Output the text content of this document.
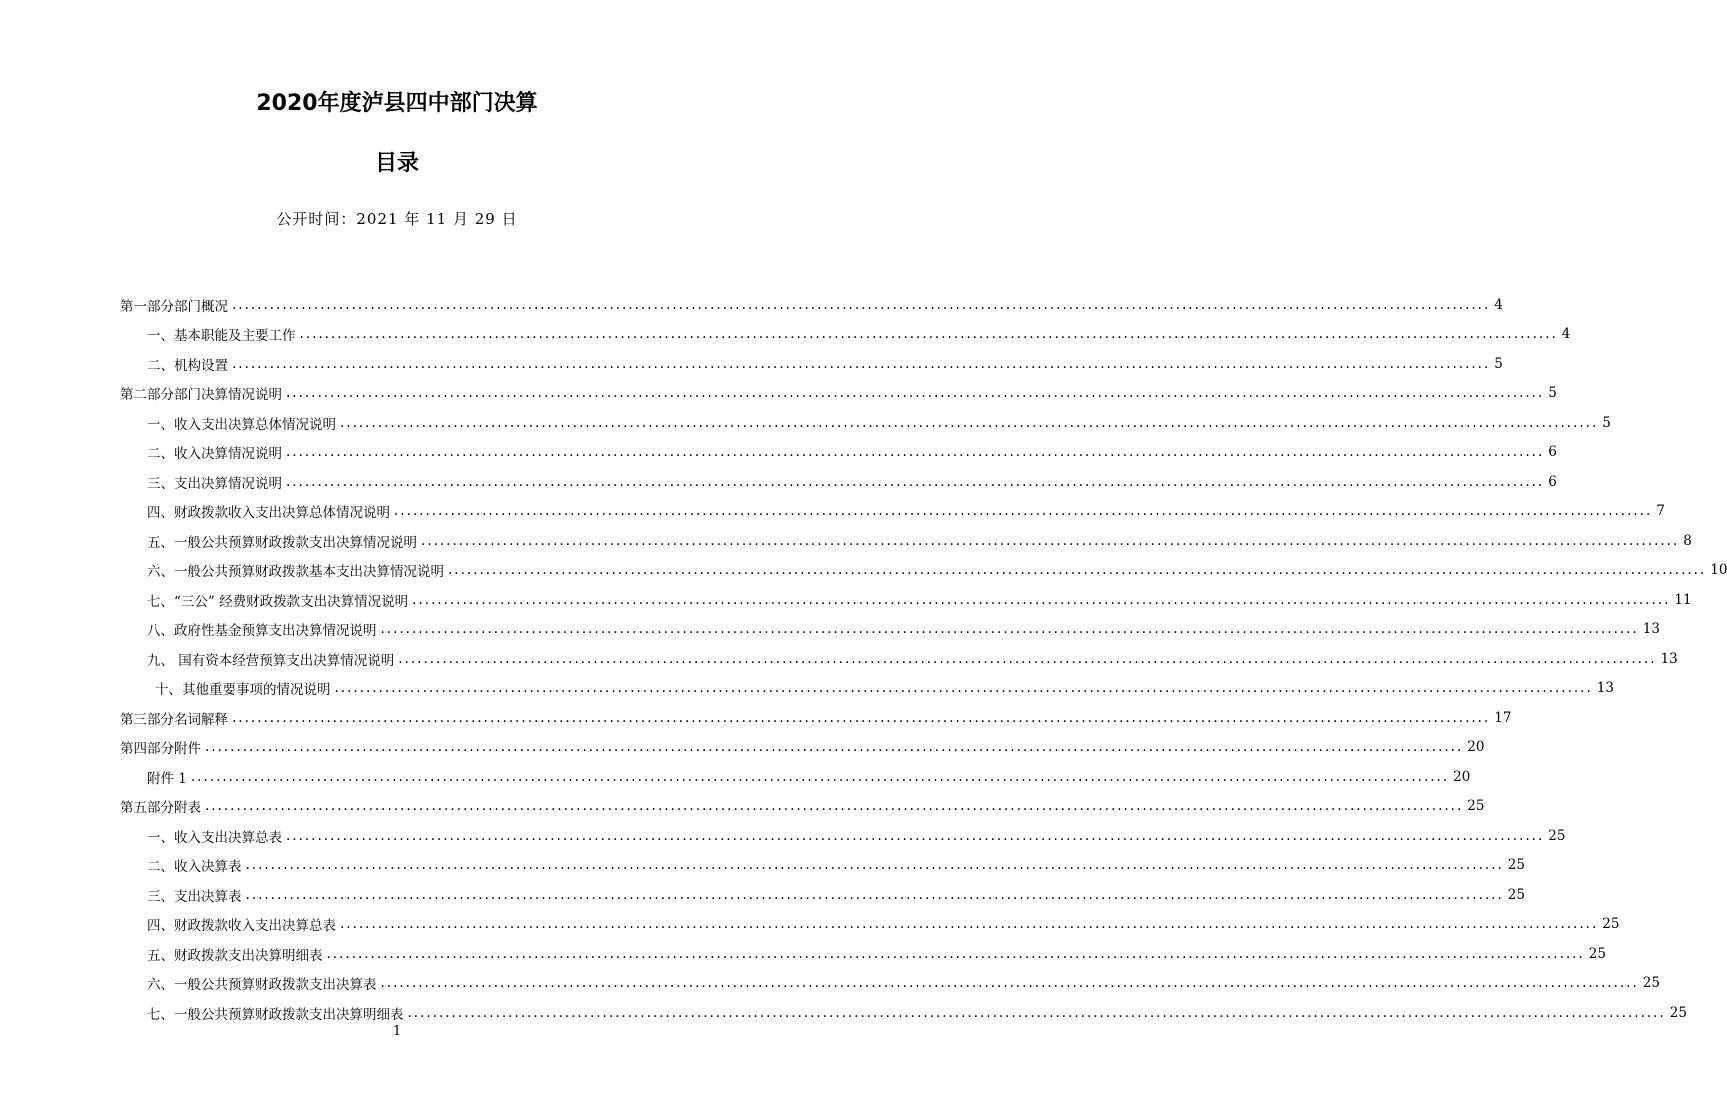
2020年度泸县四中部门决算
目录
公开时间：2021 年 11 月 29 日
第一部分部门概况 ........................................................................................................................................................................................................ 4
一、基本职能及主要工作 ........................................................................................................................................................................................................ 4
二、机构设置 ........................................................................................................................................................................................................ 5
第二部分部门决算情况说明 ........................................................................................................................................................................................................ 5
一、收入支出决算总体情况说明 ........................................................................................................................................................................................................ 5
二、收入决算情况说明 ........................................................................................................................................................................................................ 6
三、支出决算情况说明 ........................................................................................................................................................................................................ 6
四、财政拨款收入支出决算总体情况说明 ........................................................................................................................................................................................................ 7
五、一般公共预算财政拨款支出决算情况说明 ........................................................................................................................................................................................................ 8
六、一般公共预算财政拨款基本支出决算情况说明 ........................................................................................................................................................................................................ 10
七、“三公” 经费财政拨款支出决算情况说明 ........................................................................................................................................................................................................ 11
八、政府性基金预算支出决算情况说明 ........................................................................................................................................................................................................ 13
九、 国有资本经营预算支出决算情况说明 ........................................................................................................................................................................................................ 13
十、其他重要事项的情况说明 ........................................................................................................................................................................................................ 13
第三部分名词解释 ........................................................................................................................................................................................................ 17
第四部分附件 ........................................................................................................................................................................................................ 20
附件 1 ........................................................................................................................................................................................................ 20
第五部分附表 ........................................................................................................................................................................................................ 25
一、收入支出决算总表 ........................................................................................................................................................................................................ 25
二、收入决算表 ........................................................................................................................................................................................................ 25
三、支出决算表 ........................................................................................................................................................................................................ 25
四、财政拨款收入支出决算总表 ........................................................................................................................................................................................................ 25
五、财政拨款支出决算明细表 ........................................................................................................................................................................................................ 25
六、一般公共预算财政拨款支出决算表 ........................................................................................................................................................................................................ 25
七、一般公共预算财政拨款支出决算明细表 ........................................................................................................................................................................................................ 25
1
